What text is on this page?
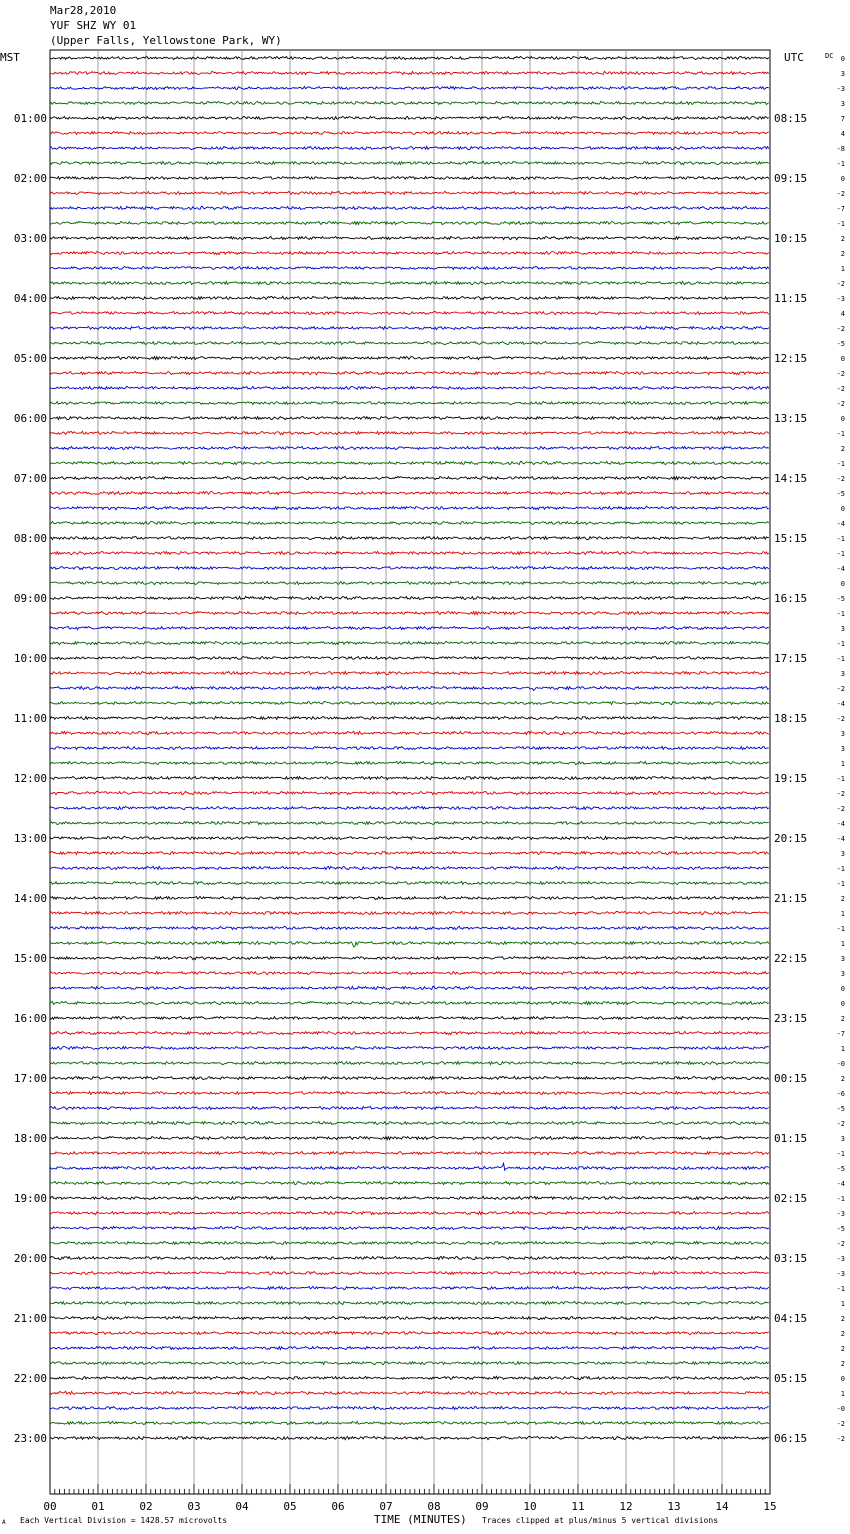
Mar28,2010
YUF SHZ WY 01
(Upper Falls, Yellowstone Park, WY)
MST	UTC
01:00
02:00
03:00
04:00
05:00
06:00
07:00
08:00
09:00
10:00
11:00
12:00
13:00
14:00
15:00
16:00
17:00
18:00
19:00
20:00
21:00
22:00
23:00
08:15
09:15
10:15
11:15
12:15
13:15
14:15
15:15
16:15
17:15
18:15
19:15
20:15
21:15
22:15
23:15
00:15
01:15
02:15
03:15
04:15
05:15
06:15
DC 0
3
-3
3
7
4
-8
-1
0
-2
-7
-1
2
2
1
-2
-3
4
-2
-5
0
-2
-2
-2
0
-1
2
-1
-2
-5
0
-4
-1
-1
-4
0
-5
-1
3
-1
-1
3
-2
-4
-2
3
3
1
-1
-2
-2
-4
-4
3
-1
-1
2
1
-1
1
3
3
0
0
2
-7
1
-0
2
-6
-5
-2
3
-1
-5
-4
-1
-3
-5
-2
-3
-3
-1
1
2
2
2
2
0
1
-0
-2
-2
00	01	02	03	04	05	06	07	08	09	10	11	12	13	14	15
TIME (MINUTES)
A Each Vertical Division = 1428.57 microvolts	Traces clipped at plus/minus 5 vertical divisions
